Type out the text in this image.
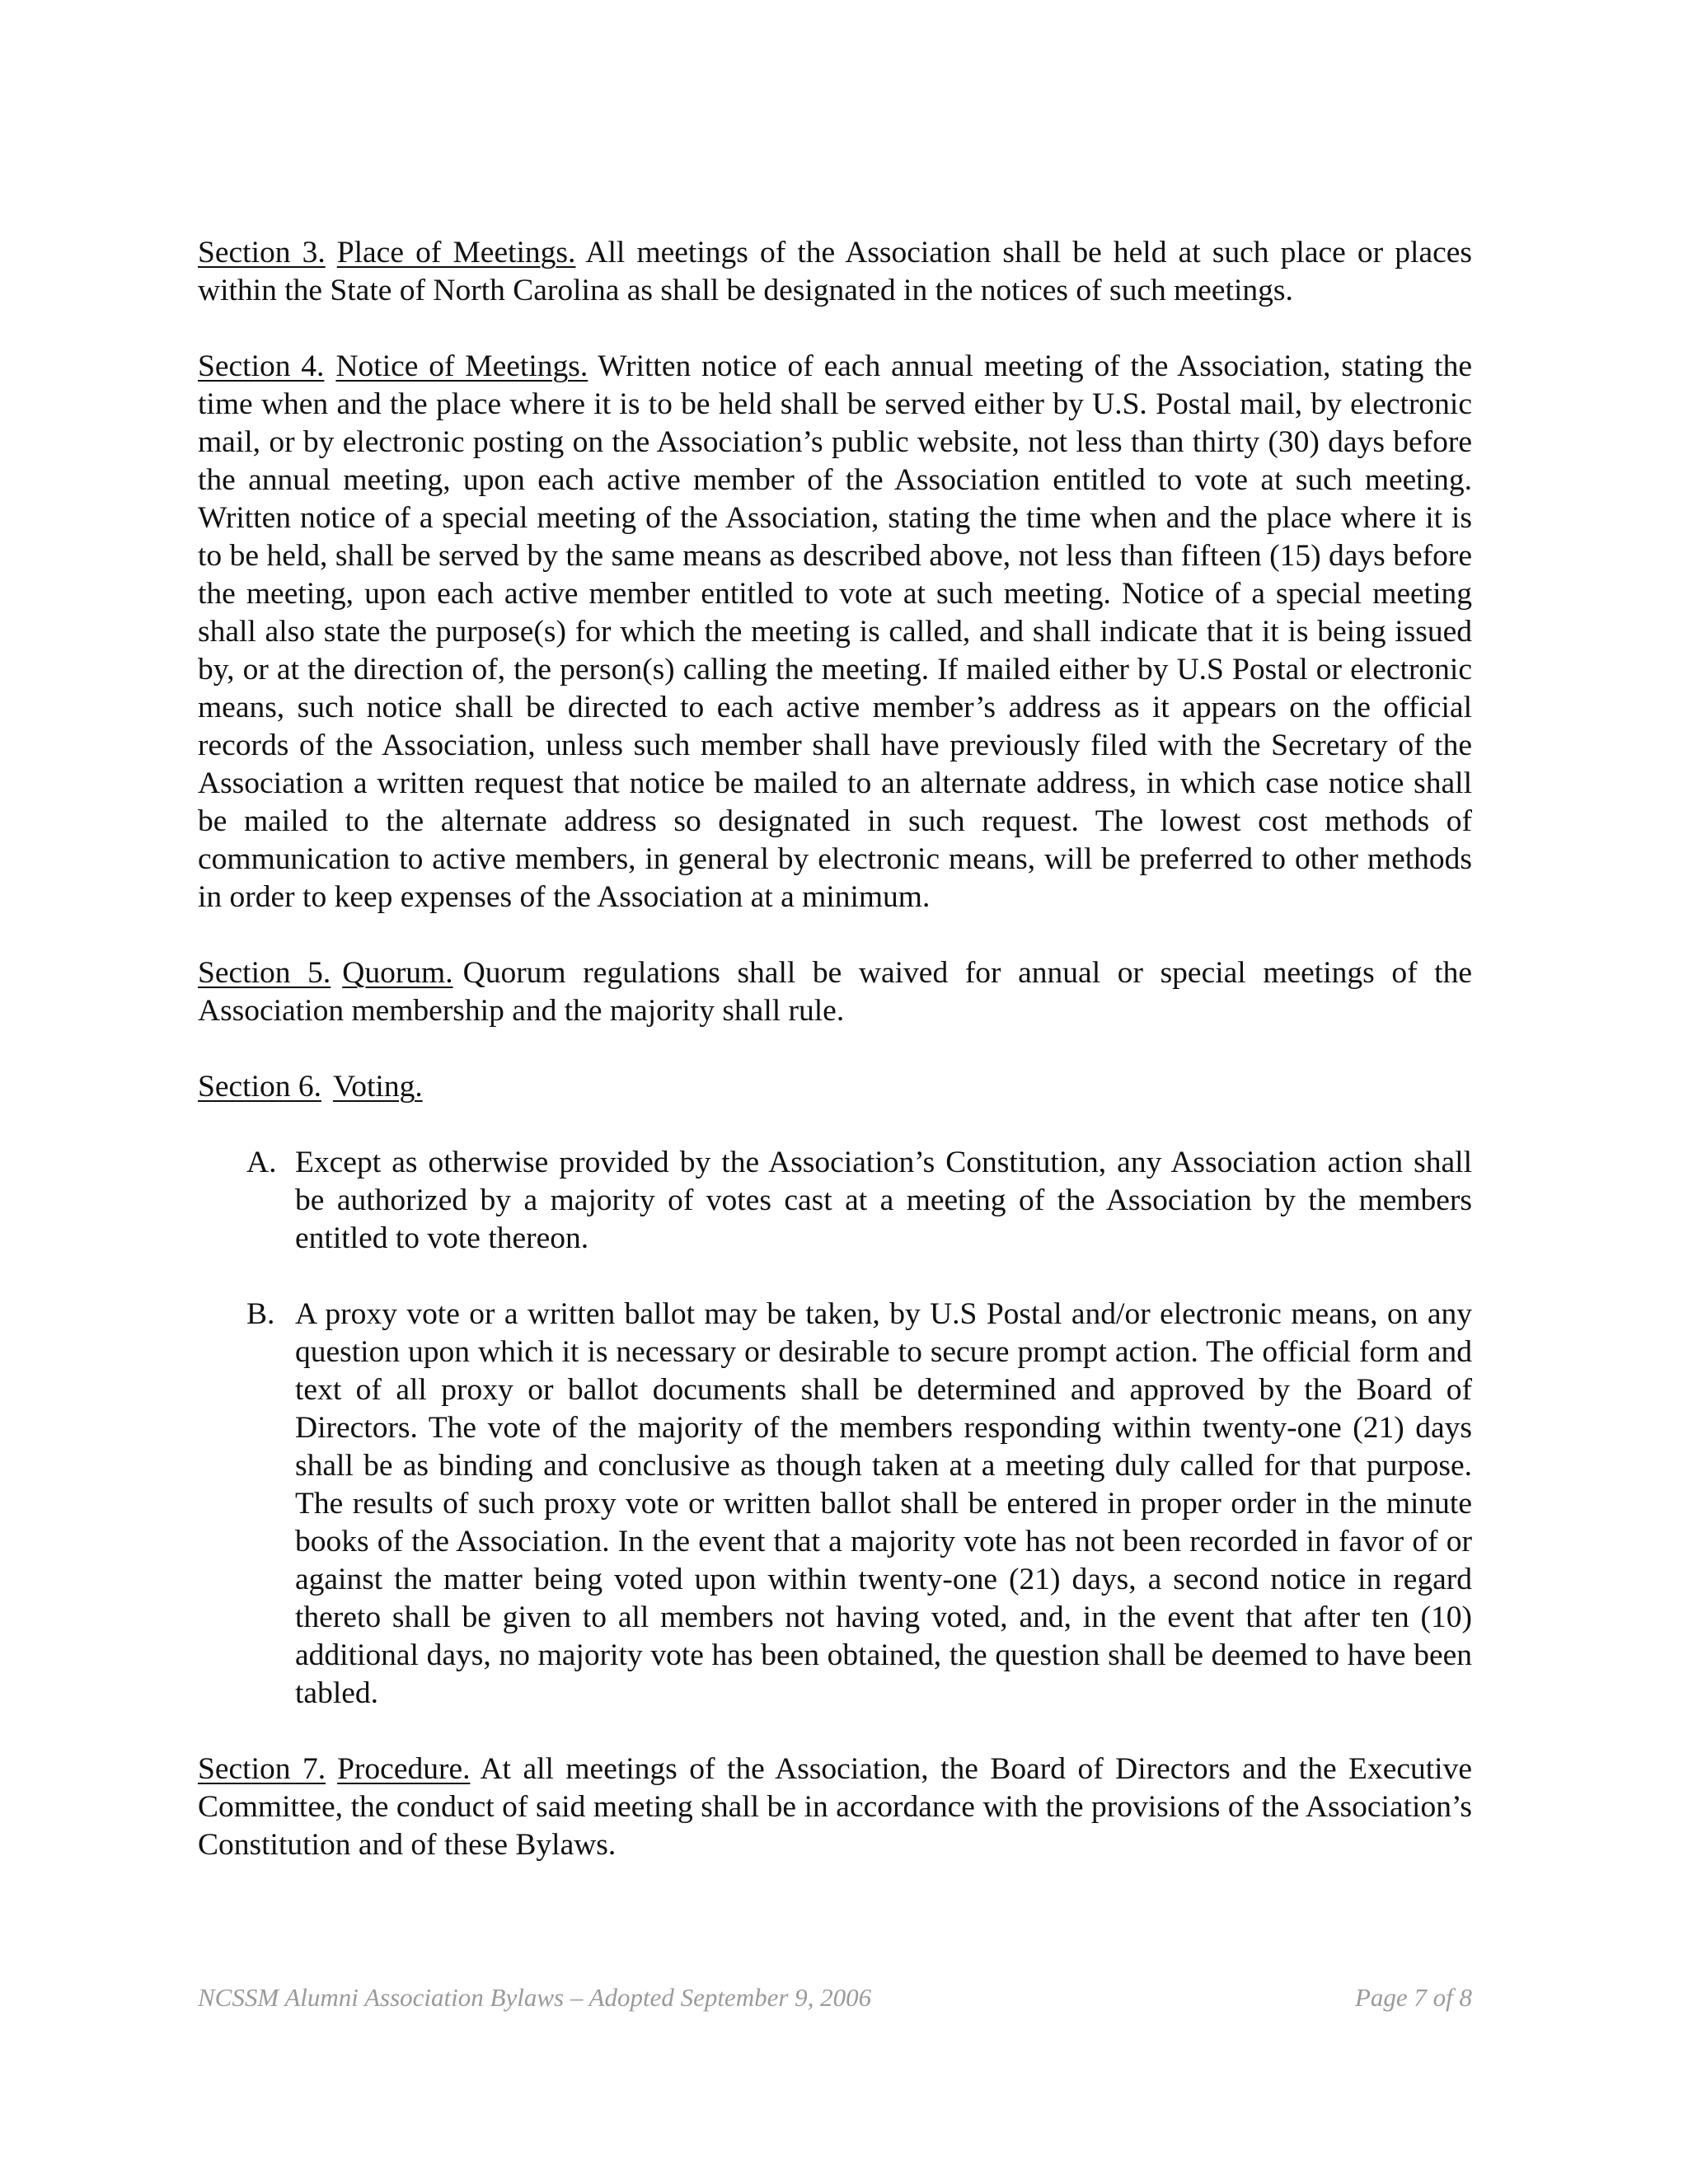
Section 3. Place of Meetings. All meetings of the Association shall be held at such place or places within the State of North Carolina as shall be designated in the notices of such meetings.

Section 4. Notice of Meetings. Written notice of each annual meeting of the Association, stating the time when and the place where it is to be held shall be served either by U.S. Postal mail, by electronic mail, or by electronic posting on the Association’s public website, not less than thirty (30) days before the annual meeting, upon each active member of the Association entitled to vote at such meeting. Written notice of a special meeting of the Association, stating the time when and the place where it is to be held, shall be served by the same means as described above, not less than fifteen (15) days before the meeting, upon each active member entitled to vote at such meeting. Notice of a special meeting shall also state the purpose(s) for which the meeting is called, and shall indicate that it is being issued by, or at the direction of, the person(s) calling the meeting. If mailed either by U.S Postal or electronic means, such notice shall be directed to each active member’s address as it appears on the official records of the Association, unless such member shall have previously filed with the Secretary of the Association a written request that notice be mailed to an alternate address, in which case notice shall be mailed to the alternate address so designated in such request. The lowest cost methods of communication to active members, in general by electronic means, will be preferred to other methods in order to keep expenses of the Association at a minimum.

Section 5. Quorum. Quorum regulations shall be waived for annual or special meetings of the Association membership and the majority shall rule.

Section 6. Voting.

A. Except as otherwise provided by the Association’s Constitution, any Association action shall be authorized by a majority of votes cast at a meeting of the Association by the members entitled to vote thereon.
B. A proxy vote or a written ballot may be taken, by U.S Postal and/or electronic means, on any question upon which it is necessary or desirable to secure prompt action. The official form and text of all proxy or ballot documents shall be determined and approved by the Board of Directors. The vote of the majority of the members responding within twenty-one (21) days shall be as binding and conclusive as though taken at a meeting duly called for that purpose. The results of such proxy vote or written ballot shall be entered in proper order in the minute books of the Association. In the event that a majority vote has not been recorded in favor of or against the matter being voted upon within twenty-one (21) days, a second notice in regard thereto shall be given to all members not having voted, and, in the event that after ten (10) additional days, no majority vote has been obtained, the question shall be deemed to have been tabled.

Section 7. Procedure. At all meetings of the Association, the Board of Directors and the Executive Committee, the conduct of said meeting shall be in accordance with the provisions of the Association’s Constitution and of these Bylaws.

NCSSM Alumni Association Bylaws – Adopted September 9, 2006	Page 7 of 8
